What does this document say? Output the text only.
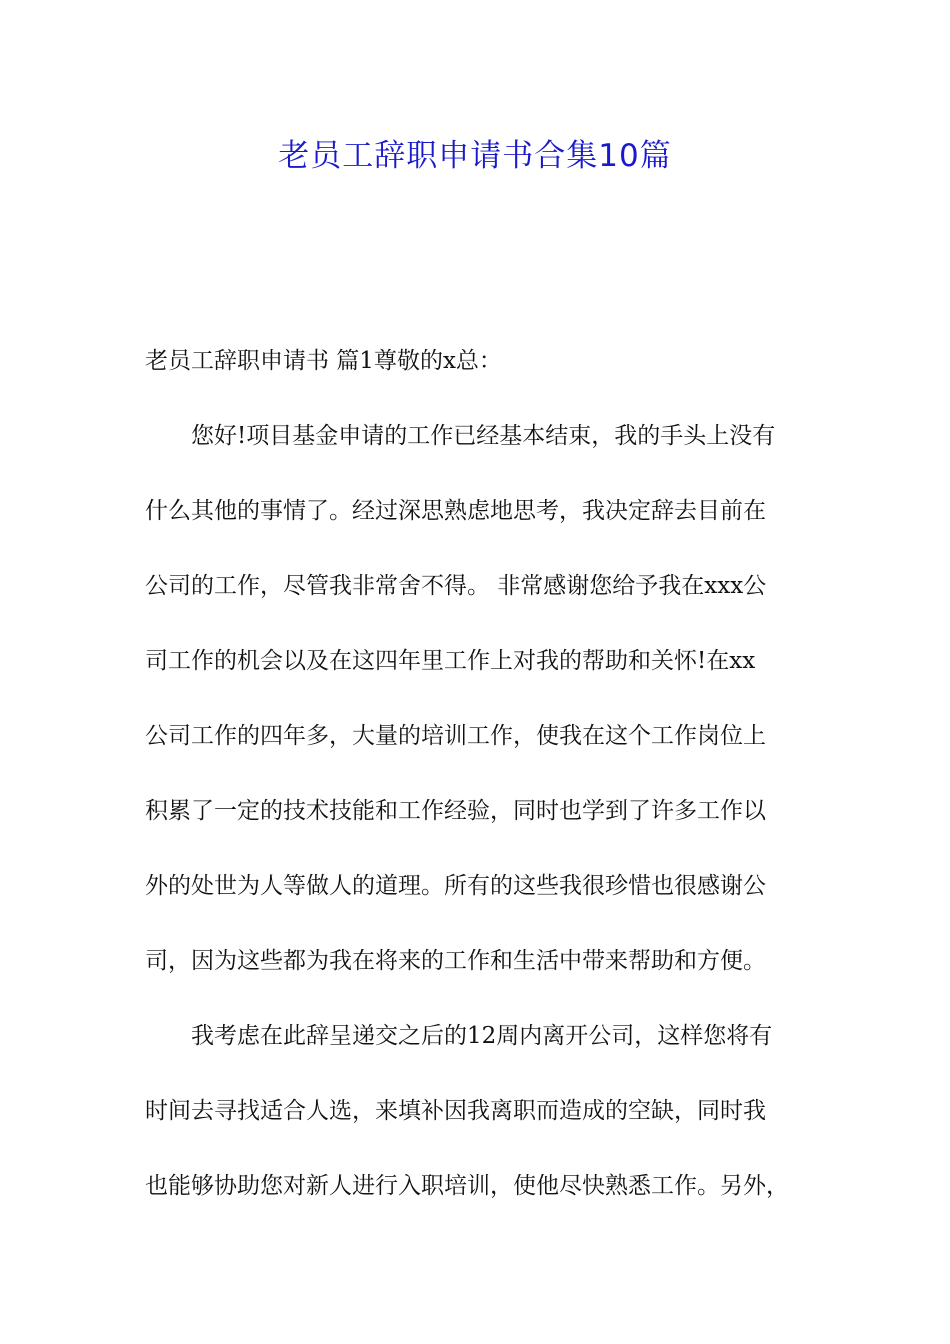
老员工辞职申请书合集10篇
老员工辞职申请书 篇1尊敬的x总：
您好!项目基金申请的工作已经基本结束，我的手头上没有
什么其他的事情了。经过深思熟虑地思考，我决定辞去目前在
公司的工作，尽管我非常舍不得。 非常感谢您给予我在xxx公
司工作的机会以及在这四年里工作上对我的帮助和关怀!在xx
公司工作的四年多，大量的培训工作，使我在这个工作岗位上
积累了一定的技术技能和工作经验，同时也学到了许多工作以
外的处世为人等做人的道理。所有的这些我很珍惜也很感谢公
司，因为这些都为我在将来的工作和生活中带来帮助和方便。
我考虑在此辞呈递交之后的12周内离开公司，这样您将有
时间去寻找适合人选，来填补因我离职而造成的空缺，同时我
也能够协助您对新人进行入职培训，使他尽快熟悉工作。另外，
